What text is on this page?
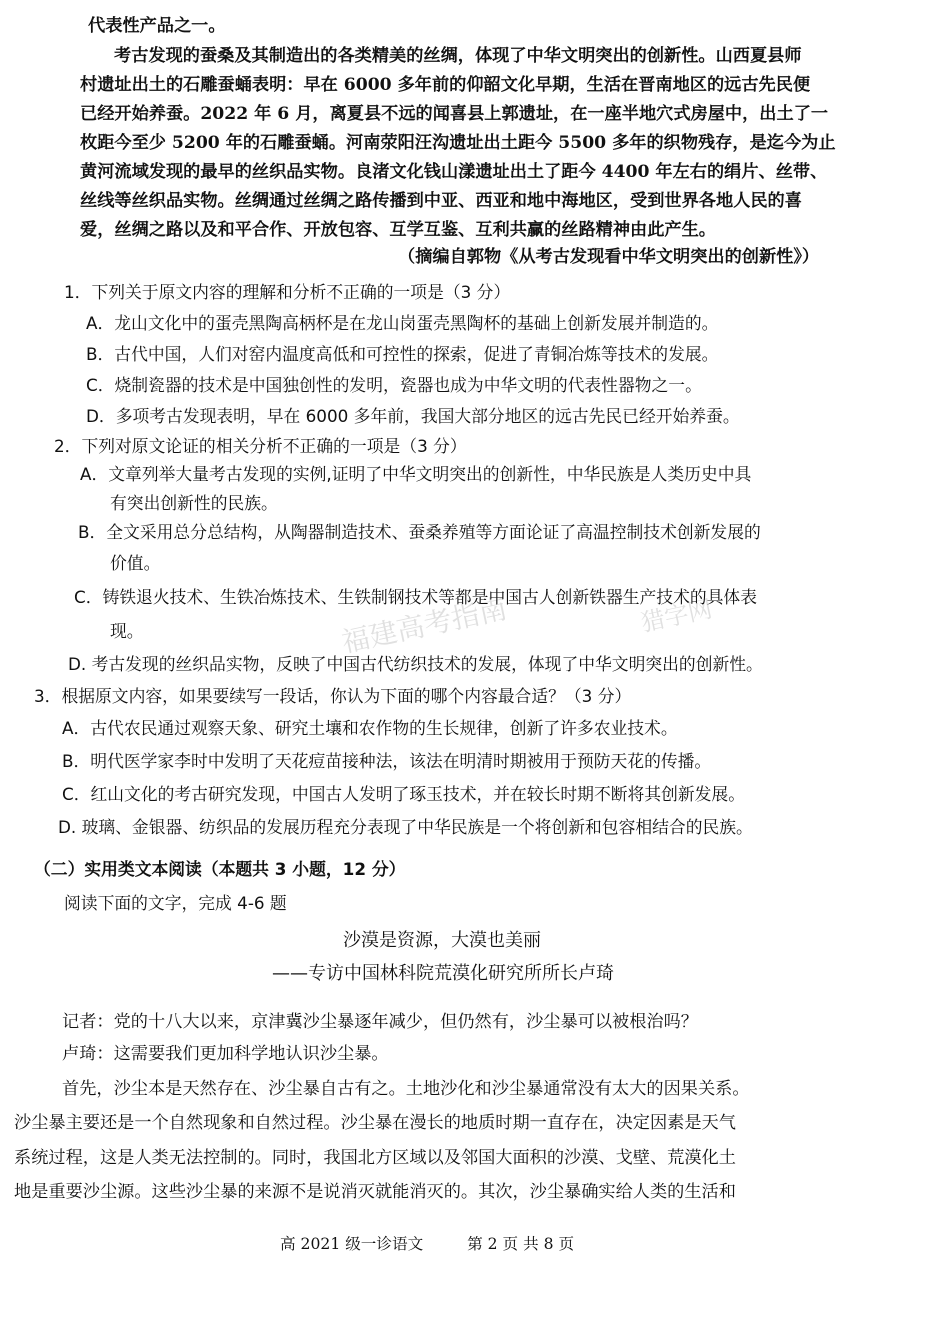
福建高考指南	猎字网
代表性产品之一。
考古发现的蚕桑及其制造出的各类精美的丝绸，体现了中华文明突出的创新性。山西夏县师
村遗址出土的石雕蚕蛹表明：早在 6000 多年前的仰韶文化早期，生活在晋南地区的远古先民便
已经开始养蚕。2022 年 6 月，离夏县不远的闻喜县上郭遗址，在一座半地穴式房屋中，出土了一
枚距今至少 5200 年的石雕蚕蛹。河南荥阳汪沟遗址出土距今 5500 多年的织物残存，是迄今为止
黄河流域发现的最早的丝织品实物。良渚文化钱山漾遗址出土了距今 4400 年左右的绢片、丝带、
丝线等丝织品实物。丝绸通过丝绸之路传播到中亚、西亚和地中海地区，受到世界各地人民的喜
爱，丝绸之路以及和平合作、开放包容、互学互鉴、互利共赢的丝路精神由此产生。
（摘编自郭物《从考古发现看中华文明突出的创新性》）
1．下列关于原文内容的理解和分析不正确的一项是（3 分）
A．龙山文化中的蛋壳黑陶高柄杯是在龙山岗蛋壳黑陶杯的基础上创新发展并制造的。
B．古代中国，人们对窑内温度高低和可控性的探索，促进了青铜冶炼等技术的发展。
C．烧制瓷器的技术是中国独创性的发明，瓷器也成为中华文明的代表性器物之一。
D．多项考古发现表明，早在 6000 多年前，我国大部分地区的远古先民已经开始养蚕。
2．下列对原文论证的相关分析不正确的一项是（3 分）
A．文章列举大量考古发现的实例,证明了中华文明突出的创新性，中华民族是人类历史中具
有突出创新性的民族。
B．全文采用总分总结构，从陶器制造技术、蚕桑养殖等方面论证了高温控制技术创新发展的
价值。
C．铸铁退火技术、生铁冶炼技术、生铁制钢技术等都是中国古人创新铁器生产技术的具体表
现。
D. 考古发现的丝织品实物，反映了中国古代纺织技术的发展，体现了中华文明突出的创新性。
3．根据原文内容，如果要续写一段话，你认为下面的哪个内容最合适？（3 分）
A．古代农民通过观察天象、研究土壤和农作物的生长规律，创新了许多农业技术。
B．明代医学家李时中发明了天花痘苗接种法，该法在明清时期被用于预防天花的传播。
C．红山文化的考古研究发现，中国古人发明了琢玉技术，并在较长时期不断将其创新发展。
D. 玻璃、金银器、纺织品的发展历程充分表现了中华民族是一个将创新和包容相结合的民族。
（二）实用类文本阅读（本题共 3 小题，12 分）
阅读下面的文字，完成 4-6 题
沙漠是资源，大漠也美丽
——专访中国林科院荒漠化研究所所长卢琦
记者：党的十八大以来，京津冀沙尘暴逐年减少，但仍然有，沙尘暴可以被根治吗？
卢琦：这需要我们更加科学地认识沙尘暴。
首先，沙尘本是天然存在、沙尘暴自古有之。土地沙化和沙尘暴通常没有太大的因果关系。
沙尘暴主要还是一个自然现象和自然过程。沙尘暴在漫长的地质时期一直存在，决定因素是天气
系统过程，这是人类无法控制的。同时，我国北方区域以及邻国大面积的沙漠、戈壁、荒漠化土
地是重要沙尘源。这些沙尘暴的来源不是说消灭就能消灭的。其次，沙尘暴确实给人类的生活和
高 2021 级一诊语文	第 2 页 共 8 页
